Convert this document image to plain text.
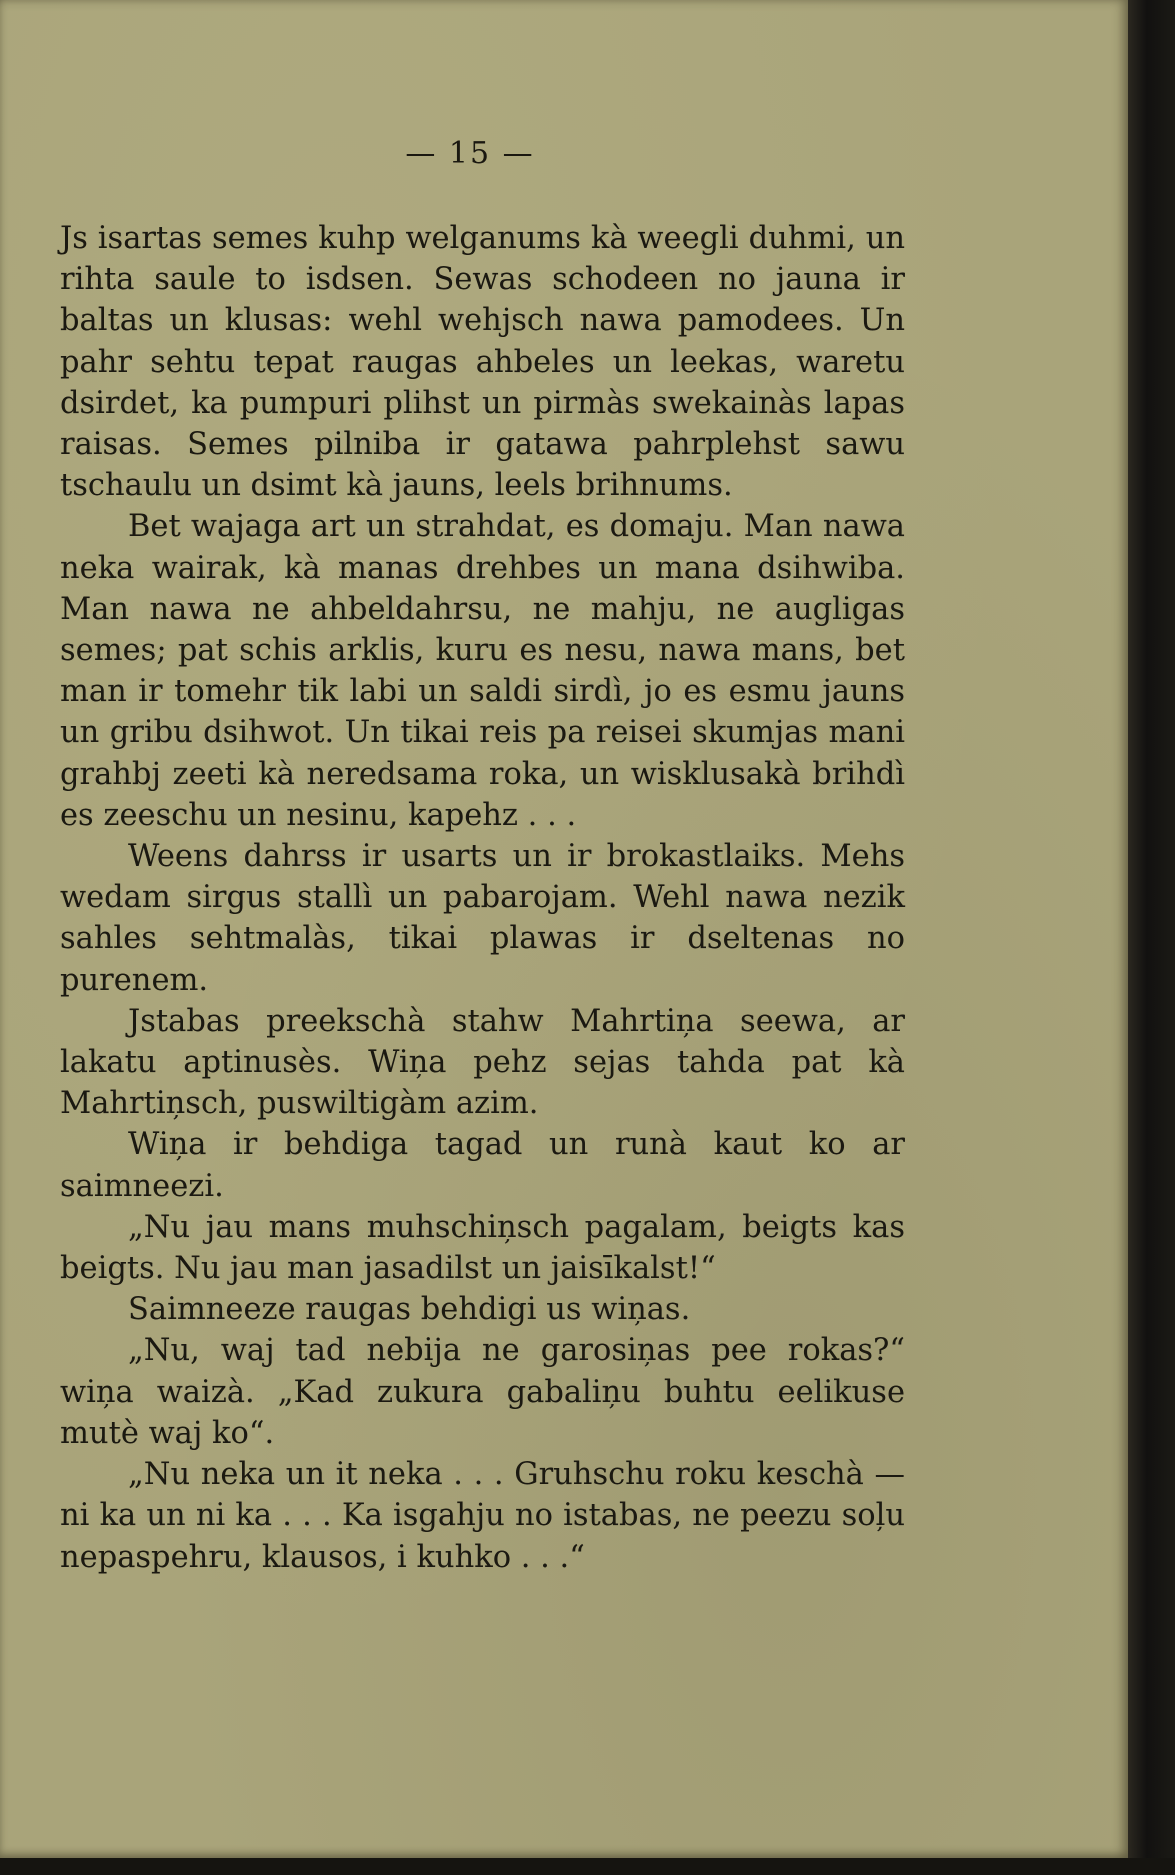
— 15 —

Js isartas semes kuhp welganums kà weegli duhmi, un rihta saule to isdsen. Sewas schodeen no jauna ir baltas un klusas: wehl wehjsch nawa pamodees. Un pahr sehtu tepat raugas ahbeles un leekas, waretu dsirdet, ka pumpuri plihst un pirmàs swekainàs lapas raisas. Semes pilniba ir gatawa pahrplehst sawu tschaulu un dsimt kà jauns, leels brihnums.

Bet wajaga art un strahdat, es domaju. Man nawa neka wairak, kà manas drehbes un mana dsihwiba. Man nawa ne ahbeldahrsu, ne mahju, ne augligas semes; pat schis arklis, kuru es nesu, nawa mans, bet man ir tomehr tik labi un saldi sirdì, jo es esmu jauns un gribu dsihwot. Un tikai reis pa reisei skumjas mani grahbj zeeti kà neredsama roka, un wisklusakà brihdì es zeeschu un nesinu, kapehz . . .

Weens dahrss ir usarts un ir brokastlaiks. Mehs wedam sirgus stallì un pabarojam. Wehl nawa nezik sahles sehtmalàs, tikai plawas ir dseltenas no purenem.

Jstabas preekschà stahw Mahrtiņa seewa, ar lakatu aptinusès. Wiņa pehz sejas tahda pat kà Mahrtiņsch, puswiltigàm azim.

Wiņa ir behdiga tagad un runà kaut ko ar saimneezi.

„Nu jau mans muhschiņsch pagalam, beigts kas beigts. Nu jau man jasadilst un jaisīkalst!“

Saimneeze raugas behdigi us wiņas.

„Nu, waj tad nebija ne garosiņas pee rokas?“ wiņa waizà. „Kad zukura gabaliņu buhtu eelikuse mutè waj ko“.

„Nu neka un it neka . . . Gruhschu roku keschà — ni ka un ni ka . . . Ka isgahju no istabas, ne peezu soļu nepaspehru, klausos, i kuhko . . .“
